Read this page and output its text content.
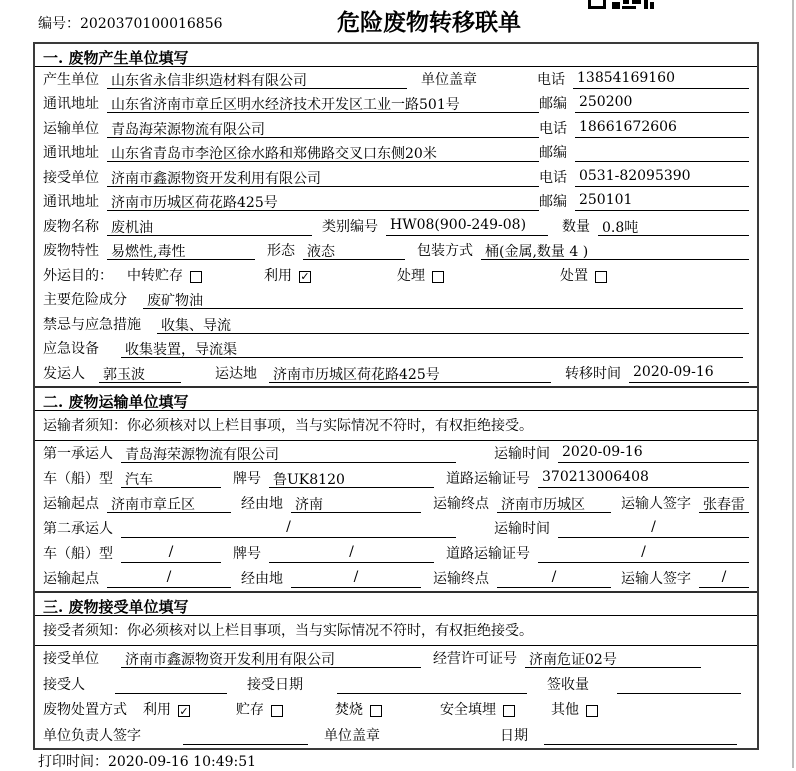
编号：2020370100016856	危险废物转移联单
一. 废物产生单位填写
产生单位 山东省永信非织造材料有限公司	单位盖章	电话 13854169160
通讯地址 山东省济南市章丘区明水经济技术开发区工业一路501号	邮编 250200
运输单位 青岛海荣源物流有限公司	电话 18661672606
通讯地址 山东省青岛市李沧区徐水路和郑佛路交叉口东侧20米	邮编
接受单位 济南市鑫源物资开发利用有限公司	电话 0531-82095390
通讯地址 济南市历城区荷花路425号	邮编 250101
废物名称 废机油	类别编号 HW08(900-249-08)	数量 0.8吨
废物特性 易燃性,毒性	形态 液态	包装方式 桶(金属,数量 4 )
外运目的： 中转贮存	利用 ✓	处理	处置
主要危险成分 废矿物油
禁忌与应急措施 收集、导流
应急设备 收集装置，导流渠
发运人 郭玉波	运达地 济南市历城区荷花路425号	转移时间 2020-09-16
二. 废物运输单位填写
运输者须知：你必须核对以上栏目事项，当与实际情况不符时，有权拒绝接受。
第一承运人 青岛海荣源物流有限公司	运输时间 2020-09-16
车（船）型 汽车	牌号 鲁UK8120	道路运输证号 370213006408
运输起点 济南市章丘区	经由地 济南	运输终点 济南市历城区	运输人签字 张春雷
第二承运人	/	运输时间	/
车（船）型	/	牌号	/	道路运输证号	/
运输起点	/	经由地	/	运输终点	/	运输人签字	/
三. 废物接受单位填写
接受者须知：你必须核对以上栏目事项，当与实际情况不符时，有权拒绝接受。
接受单位 济南市鑫源物资开发利用有限公司	经营许可证号 济南危证02号
接受人	接受日期	签收量
废物处置方式 利用 ✓	贮存	焚烧	安全填埋	其他
单位负责人签字	单位盖章	日期
打印时间：2020-09-16 10:49:51
